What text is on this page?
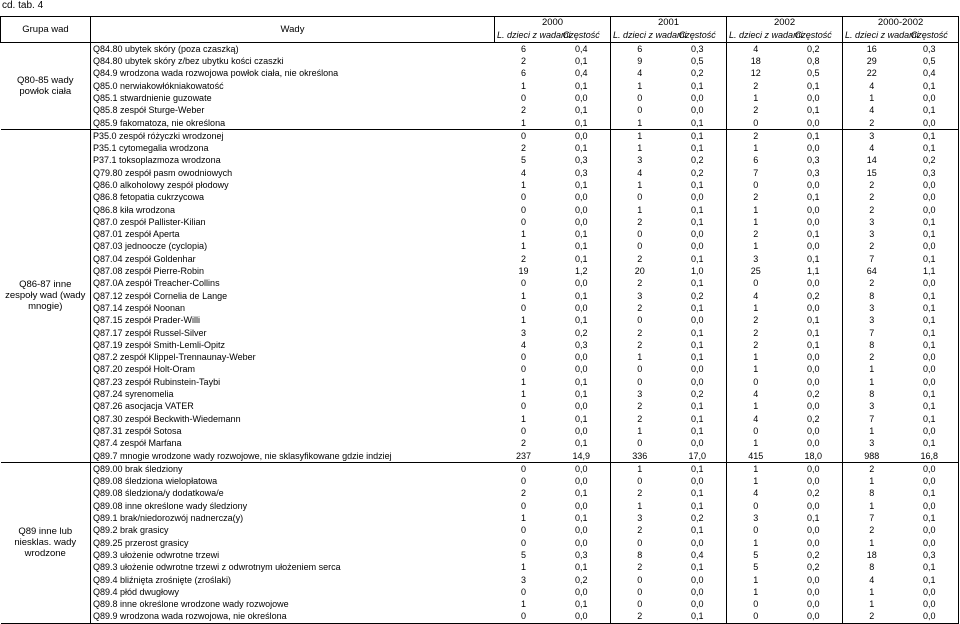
cd. tab. 4
Grupa wad	Wady	2000		2001		2002		2000-2002	
		L. dzieci z wadami	Częstość	L. dzieci z wadami	Częstość	L. dzieci z wadami	Częstość	L. dzieci z wadami	Częstość
Q80-85 wady powłok ciała	Q84.80 ubytek skóry (poza czaszką)	6	0,4	6	0,3	4	0,2	16	0,3
	Q84.80 ubytek skóry z/bez ubytku kości czaszki	2	0,1	9	0,5	18	0,8	29	0,5
	Q84.9 wrodzona wada rozwojowa powłok ciała, nie określona	6	0,4	4	0,2	12	0,5	22	0,4
	Q85.0 nerwiakowłókniakowatość	1	0,1	1	0,1	2	0,1	4	0,1
	Q85.1 stwardnienie guzowate	0	0,0	0	0,0	1	0,0	1	0,0
	Q85.8 zespół Sturge-Weber	2	0,1	0	0,0	2	0,1	4	0,1
	Q85.9 fakomatoza, nie określona	1	0,1	1	0,1	0	0,0	2	0,0
Q86-87 inne zespoły wad (wady mnogie)	P35.0 zespół różyczki wrodzonej	0	0,0	1	0,1	2	0,1	3	0,1
	P35.1 cytomegalia wrodzona	2	0,1	1	0,1	1	0,0	4	0,1
	P37.1 toksoplazmoza wrodzona	5	0,3	3	0,2	6	0,3	14	0,2
	Q79.80 zespół pasm owodniowych	4	0,3	4	0,2	7	0,3	15	0,3
	Q86.0 alkoholowy zespół płodowy	1	0,1	1	0,1	0	0,0	2	0,0
	Q86.8 fetopatia cukrzycowa	0	0,0	0	0,0	2	0,1	2	0,0
	Q86.8 kiła wrodzona	0	0,0	1	0,1	1	0,0	2	0,0
	Q87.0 zespół Pallister-Kilian	0	0,0	2	0,1	1	0,0	3	0,1
	Q87.01 zespół Aperta	1	0,1	0	0,0	2	0,1	3	0,1
	Q87.03 jednoocze (cyclopia)	1	0,1	0	0,0	1	0,0	2	0,0
	Q87.04 zespół Goldenhar	2	0,1	2	0,1	3	0,1	7	0,1
	Q87.08 zespół Pierre-Robin	19	1,2	20	1,0	25	1,1	64	1,1
	Q87.0A zespół Treacher-Collins	0	0,0	2	0,1	0	0,0	2	0,0
	Q87.12 zespół Cornelia de Lange	1	0,1	3	0,2	4	0,2	8	0,1
	Q87.14 zespół Noonan	0	0,0	2	0,1	1	0,0	3	0,1
	Q87.15 zespół Prader-Willi	1	0,1	0	0,0	2	0,1	3	0,1
	Q87.17 zespół Russel-Silver	3	0,2	2	0,1	2	0,1	7	0,1
	Q87.19 zespół Smith-Lemli-Opitz	4	0,3	2	0,1	2	0,1	8	0,1
	Q87.2 zespół Klippel-Trennaunay-Weber	0	0,0	1	0,1	1	0,0	2	0,0
	Q87.20 zespół Holt-Oram	0	0,0	0	0,0	1	0,0	1	0,0
	Q87.23 zespół Rubinstein-Taybi	1	0,1	0	0,0	0	0,0	1	0,0
	Q87.24 syrenomelia	1	0,1	3	0,2	4	0,2	8	0,1
	Q87.26 asocjacja VATER	0	0,0	2	0,1	1	0,0	3	0,1
	Q87.30 zespół Beckwith-Wiedemann	1	0,1	2	0,1	4	0,2	7	0,1
	Q87.31 zespół Sotosa	0	0,0	1	0,1	0	0,0	1	0,0
	Q87.4 zespół Marfana	2	0,1	0	0,0	1	0,0	3	0,1
	Q89.7 mnogie wrodzone wady rozwojowe, nie sklasyfikowane gdzie indziej	237	14,9	336	17,0	415	18,0	988	16,8
Q89 inne lub niesklas. wady wrodzone	Q89.00 brak śledziony	0	0,0	1	0,1	1	0,0	2	0,0
	Q89.08 śledziona wielopłatowa	0	0,0	0	0,0	1	0,0	1	0,0
	Q89.08 śledziona/y dodatkowa/e	2	0,1	2	0,1	4	0,2	8	0,1
	Q89.08 inne określone wady śledziony	0	0,0	1	0,1	0	0,0	1	0,0
	Q89.1 brak/niedorozwój nadnercza(y)	1	0,1	3	0,2	3	0,1	7	0,1
	Q89.2 brak grasicy	0	0,0	2	0,1	0	0,0	2	0,0
	Q89.25 przerost grasicy	0	0,0	0	0,0	1	0,0	1	0,0
	Q89.3 ułożenie odwrotne trzewi	5	0,3	8	0,4	5	0,2	18	0,3
	Q89.3 ułożenie odwrotne trzewi z odwrotnym ułożeniem serca	1	0,1	2	0,1	5	0,2	8	0,1
	Q89.4 bliźnięta zrośnięte (zroślaki)	3	0,2	0	0,0	1	0,0	4	0,1
	Q89.4 płód dwugłowy	0	0,0	0	0,0	1	0,0	1	0,0
	Q89.8 inne określone wrodzone wady rozwojowe	1	0,1	0	0,0	0	0,0	1	0,0
	Q89.9 wrodzona wada rozwojowa, nie określona	0	0,0	2	0,1	0	0,0	2	0,0
